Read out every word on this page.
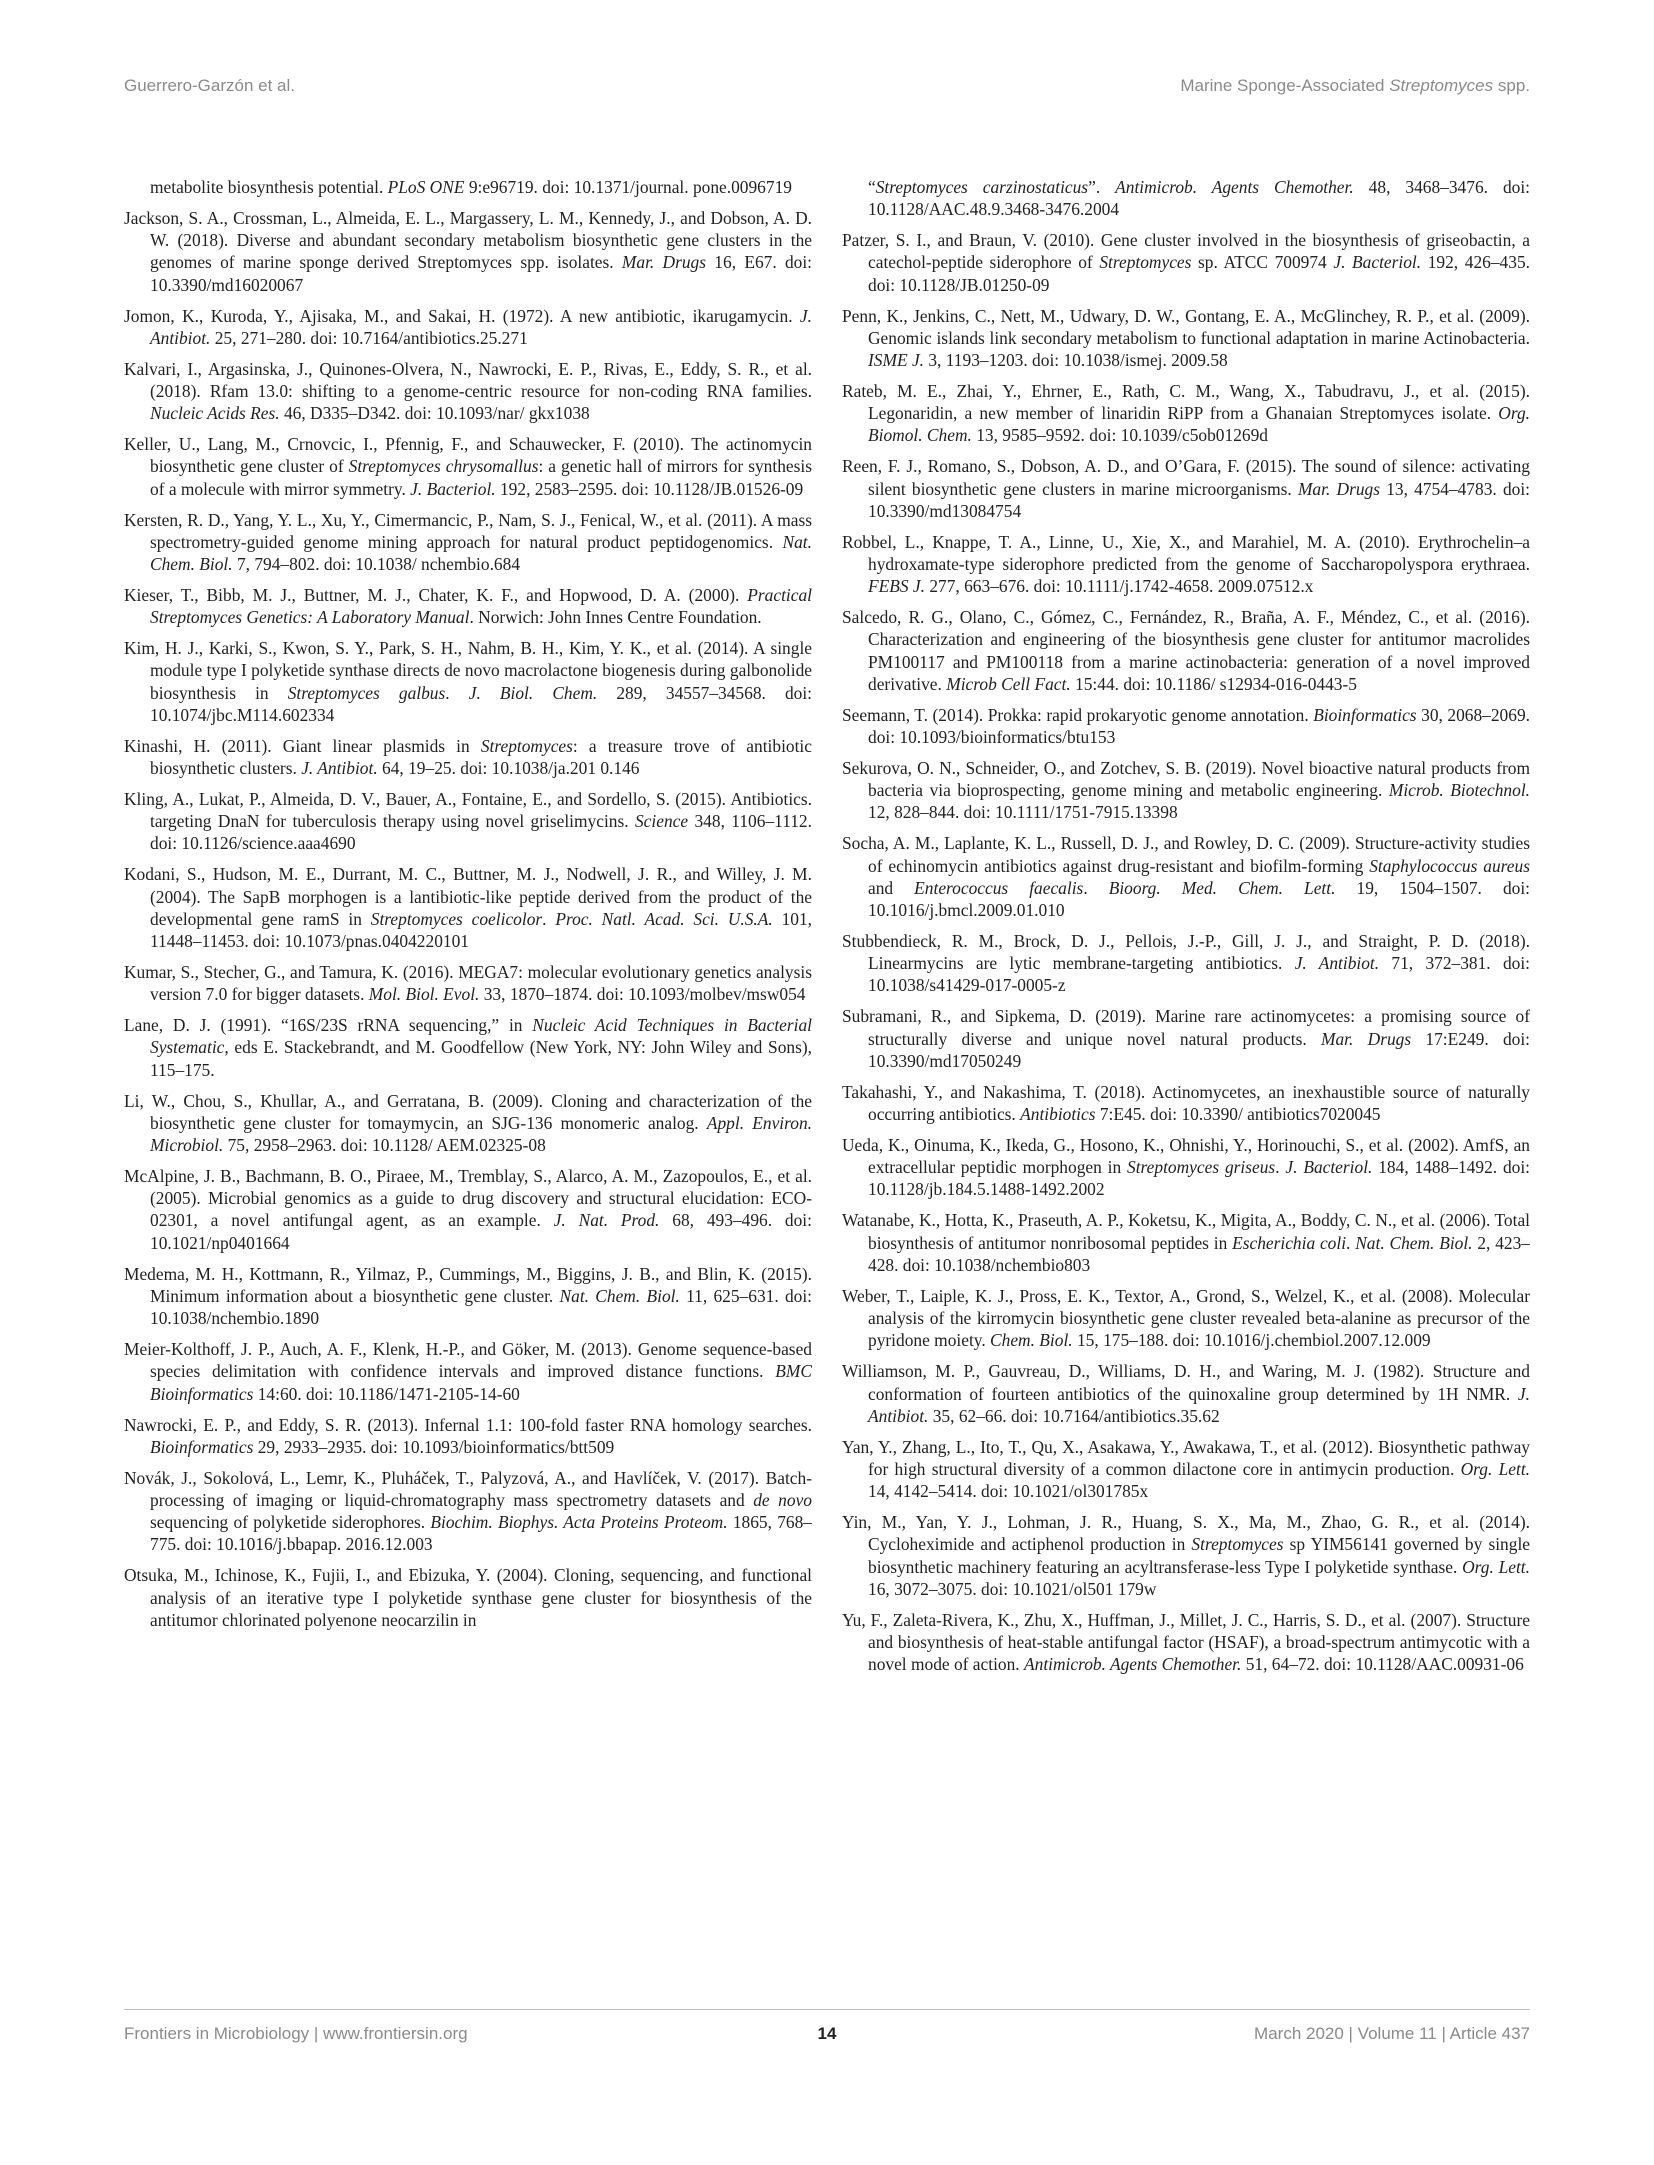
Guerrero-Garzón et al.	Marine Sponge-Associated Streptomyces spp.

metabolite biosynthesis potential. PLoS ONE 9:e96719. doi: 10.1371/journal. pone.0096719

Jackson, S. A., Crossman, L., Almeida, E. L., Margassery, L. M., Kennedy, J., and Dobson, A. D. W. (2018). Diverse and abundant secondary metabolism biosynthetic gene clusters in the genomes of marine sponge derived Streptomyces spp. isolates. Mar. Drugs 16, E67. doi: 10.3390/md16020067

Jomon, K., Kuroda, Y., Ajisaka, M., and Sakai, H. (1972). A new antibiotic, ikarugamycin. J. Antibiot. 25, 271–280. doi: 10.7164/antibiotics.25.271

Kalvari, I., Argasinska, J., Quinones-Olvera, N., Nawrocki, E. P., Rivas, E., Eddy, S. R., et al. (2018). Rfam 13.0: shifting to a genome-centric resource for non-coding RNA families. Nucleic Acids Res. 46, D335–D342. doi: 10.1093/nar/ gkx1038

Keller, U., Lang, M., Crnovcic, I., Pfennig, F., and Schauwecker, F. (2010). The actinomycin biosynthetic gene cluster of Streptomyces chrysomallus: a genetic hall of mirrors for synthesis of a molecule with mirror symmetry. J. Bacteriol. 192, 2583–2595. doi: 10.1128/JB.01526-09

Kersten, R. D., Yang, Y. L., Xu, Y., Cimermancic, P., Nam, S. J., Fenical, W., et al. (2011). A mass spectrometry-guided genome mining approach for natural product peptidogenomics. Nat. Chem. Biol. 7, 794–802. doi: 10.1038/ nchembio.684

Kieser, T., Bibb, M. J., Buttner, M. J., Chater, K. F., and Hopwood, D. A. (2000). Practical Streptomyces Genetics: A Laboratory Manual. Norwich: John Innes Centre Foundation.

Kim, H. J., Karki, S., Kwon, S. Y., Park, S. H., Nahm, B. H., Kim, Y. K., et al. (2014). A single module type I polyketide synthase directs de novo macrolactone biogenesis during galbonolide biosynthesis in Streptomyces galbus. J. Biol. Chem. 289, 34557–34568. doi: 10.1074/jbc.M114.602334

Kinashi, H. (2011). Giant linear plasmids in Streptomyces: a treasure trove of antibiotic biosynthetic clusters. J. Antibiot. 64, 19–25. doi: 10.1038/ja.201 0.146

Kling, A., Lukat, P., Almeida, D. V., Bauer, A., Fontaine, E., and Sordello, S. (2015). Antibiotics. targeting DnaN for tuberculosis therapy using novel griselimycins. Science 348, 1106–1112. doi: 10.1126/science.aaa4690

Kodani, S., Hudson, M. E., Durrant, M. C., Buttner, M. J., Nodwell, J. R., and Willey, J. M. (2004). The SapB morphogen is a lantibiotic-like peptide derived from the product of the developmental gene ramS in Streptomyces coelicolor. Proc. Natl. Acad. Sci. U.S.A. 101, 11448–11453. doi: 10.1073/pnas.0404220101

Kumar, S., Stecher, G., and Tamura, K. (2016). MEGA7: molecular evolutionary genetics analysis version 7.0 for bigger datasets. Mol. Biol. Evol. 33, 1870–1874. doi: 10.1093/molbev/msw054

Lane, D. J. (1991). “16S/23S rRNA sequencing,” in Nucleic Acid Techniques in Bacterial Systematic, eds E. Stackebrandt, and M. Goodfellow (New York, NY: John Wiley and Sons), 115–175.

Li, W., Chou, S., Khullar, A., and Gerratana, B. (2009). Cloning and characterization of the biosynthetic gene cluster for tomaymycin, an SJG-136 monomeric analog. Appl. Environ. Microbiol. 75, 2958–2963. doi: 10.1128/ AEM.02325-08

McAlpine, J. B., Bachmann, B. O., Piraee, M., Tremblay, S., Alarco, A. M., Zazopoulos, E., et al. (2005). Microbial genomics as a guide to drug discovery and structural elucidation: ECO-02301, a novel antifungal agent, as an example. J. Nat. Prod. 68, 493–496. doi: 10.1021/np0401664

Medema, M. H., Kottmann, R., Yilmaz, P., Cummings, M., Biggins, J. B., and Blin, K. (2015). Minimum information about a biosynthetic gene cluster. Nat. Chem. Biol. 11, 625–631. doi: 10.1038/nchembio.1890

Meier-Kolthoff, J. P., Auch, A. F., Klenk, H.-P., and Göker, M. (2013). Genome sequence-based species delimitation with confidence intervals and improved distance functions. BMC Bioinformatics 14:60. doi: 10.1186/1471-2105-14-60

Nawrocki, E. P., and Eddy, S. R. (2013). Infernal 1.1: 100-fold faster RNA homology searches. Bioinformatics 29, 2933–2935. doi: 10.1093/bioinformatics/btt509

Novák, J., Sokolová, L., Lemr, K., Pluháček, T., Palyzová, A., and Havlíček, V. (2017). Batch-processing of imaging or liquid-chromatography mass spectrometry datasets and de novo sequencing of polyketide siderophores. Biochim. Biophys. Acta Proteins Proteom. 1865, 768–775. doi: 10.1016/j.bbapap. 2016.12.003

Otsuka, M., Ichinose, K., Fujii, I., and Ebizuka, Y. (2004). Cloning, sequencing, and functional analysis of an iterative type I polyketide synthase gene cluster for biosynthesis of the antitumor chlorinated polyenone neocarzilin in

“Streptomyces carzinostaticus”. Antimicrob. Agents Chemother. 48, 3468–3476. doi: 10.1128/AAC.48.9.3468-3476.2004

Patzer, S. I., and Braun, V. (2010). Gene cluster involved in the biosynthesis of griseobactin, a catechol-peptide siderophore of Streptomyces sp. ATCC 700974 J. Bacteriol. 192, 426–435. doi: 10.1128/JB.01250-09

Penn, K., Jenkins, C., Nett, M., Udwary, D. W., Gontang, E. A., McGlinchey, R. P., et al. (2009). Genomic islands link secondary metabolism to functional adaptation in marine Actinobacteria. ISME J. 3, 1193–1203. doi: 10.1038/ismej. 2009.58

Rateb, M. E., Zhai, Y., Ehrner, E., Rath, C. M., Wang, X., Tabudravu, J., et al. (2015). Legonaridin, a new member of linaridin RiPP from a Ghanaian Streptomyces isolate. Org. Biomol. Chem. 13, 9585–9592. doi: 10.1039/c5ob01269d

Reen, F. J., Romano, S., Dobson, A. D., and O’Gara, F. (2015). The sound of silence: activating silent biosynthetic gene clusters in marine microorganisms. Mar. Drugs 13, 4754–4783. doi: 10.3390/md13084754

Robbel, L., Knappe, T. A., Linne, U., Xie, X., and Marahiel, M. A. (2010). Erythrochelin–a hydroxamate-type siderophore predicted from the genome of Saccharopolyspora erythraea. FEBS J. 277, 663–676. doi: 10.1111/j.1742-4658. 2009.07512.x

Salcedo, R. G., Olano, C., Gómez, C., Fernández, R., Braña, A. F., Méndez, C., et al. (2016). Characterization and engineering of the biosynthesis gene cluster for antitumor macrolides PM100117 and PM100118 from a marine actinobacteria: generation of a novel improved derivative. Microb Cell Fact. 15:44. doi: 10.1186/ s12934-016-0443-5

Seemann, T. (2014). Prokka: rapid prokaryotic genome annotation. Bioinformatics 30, 2068–2069. doi: 10.1093/bioinformatics/btu153

Sekurova, O. N., Schneider, O., and Zotchev, S. B. (2019). Novel bioactive natural products from bacteria via bioprospecting, genome mining and metabolic engineering. Microb. Biotechnol. 12, 828–844. doi: 10.1111/1751-7915.13398

Socha, A. M., Laplante, K. L., Russell, D. J., and Rowley, D. C. (2009). Structure-activity studies of echinomycin antibiotics against drug-resistant and biofilm-forming Staphylococcus aureus and Enterococcus faecalis. Bioorg. Med. Chem. Lett. 19, 1504–1507. doi: 10.1016/j.bmcl.2009.01.010

Stubbendieck, R. M., Brock, D. J., Pellois, J.-P., Gill, J. J., and Straight, P. D. (2018). Linearmycins are lytic membrane-targeting antibiotics. J. Antibiot. 71, 372–381. doi: 10.1038/s41429-017-0005-z

Subramani, R., and Sipkema, D. (2019). Marine rare actinomycetes: a promising source of structurally diverse and unique novel natural products. Mar. Drugs 17:E249. doi: 10.3390/md17050249

Takahashi, Y., and Nakashima, T. (2018). Actinomycetes, an inexhaustible source of naturally occurring antibiotics. Antibiotics 7:E45. doi: 10.3390/ antibiotics7020045

Ueda, K., Oinuma, K., Ikeda, G., Hosono, K., Ohnishi, Y., Horinouchi, S., et al. (2002). AmfS, an extracellular peptidic morphogen in Streptomyces griseus. J. Bacteriol. 184, 1488–1492. doi: 10.1128/jb.184.5.1488-1492.2002

Watanabe, K., Hotta, K., Praseuth, A. P., Koketsu, K., Migita, A., Boddy, C. N., et al. (2006). Total biosynthesis of antitumor nonribosomal peptides in Escherichia coli. Nat. Chem. Biol. 2, 423–428. doi: 10.1038/nchembio803

Weber, T., Laiple, K. J., Pross, E. K., Textor, A., Grond, S., Welzel, K., et al. (2008). Molecular analysis of the kirromycin biosynthetic gene cluster revealed beta-alanine as precursor of the pyridone moiety. Chem. Biol. 15, 175–188. doi: 10.1016/j.chembiol.2007.12.009

Williamson, M. P., Gauvreau, D., Williams, D. H., and Waring, M. J. (1982). Structure and conformation of fourteen antibiotics of the quinoxaline group determined by 1H NMR. J. Antibiot. 35, 62–66. doi: 10.7164/antibiotics.35.62

Yan, Y., Zhang, L., Ito, T., Qu, X., Asakawa, Y., Awakawa, T., et al. (2012). Biosynthetic pathway for high structural diversity of a common dilactone core in antimycin production. Org. Lett. 14, 4142–5414. doi: 10.1021/ol301785x

Yin, M., Yan, Y. J., Lohman, J. R., Huang, S. X., Ma, M., Zhao, G. R., et al. (2014). Cycloheximide and actiphenol production in Streptomyces sp YIM56141 governed by single biosynthetic machinery featuring an acyltransferase-less Type I polyketide synthase. Org. Lett. 16, 3072–3075. doi: 10.1021/ol501 179w

Yu, F., Zaleta-Rivera, K., Zhu, X., Huffman, J., Millet, J. C., Harris, S. D., et al. (2007). Structure and biosynthesis of heat-stable antifungal factor (HSAF), a broad-spectrum antimycotic with a novel mode of action. Antimicrob. Agents Chemother. 51, 64–72. doi: 10.1128/AAC.00931-06

Frontiers in Microbiology | www.frontiersin.org	14	March 2020 | Volume 11 | Article 437
